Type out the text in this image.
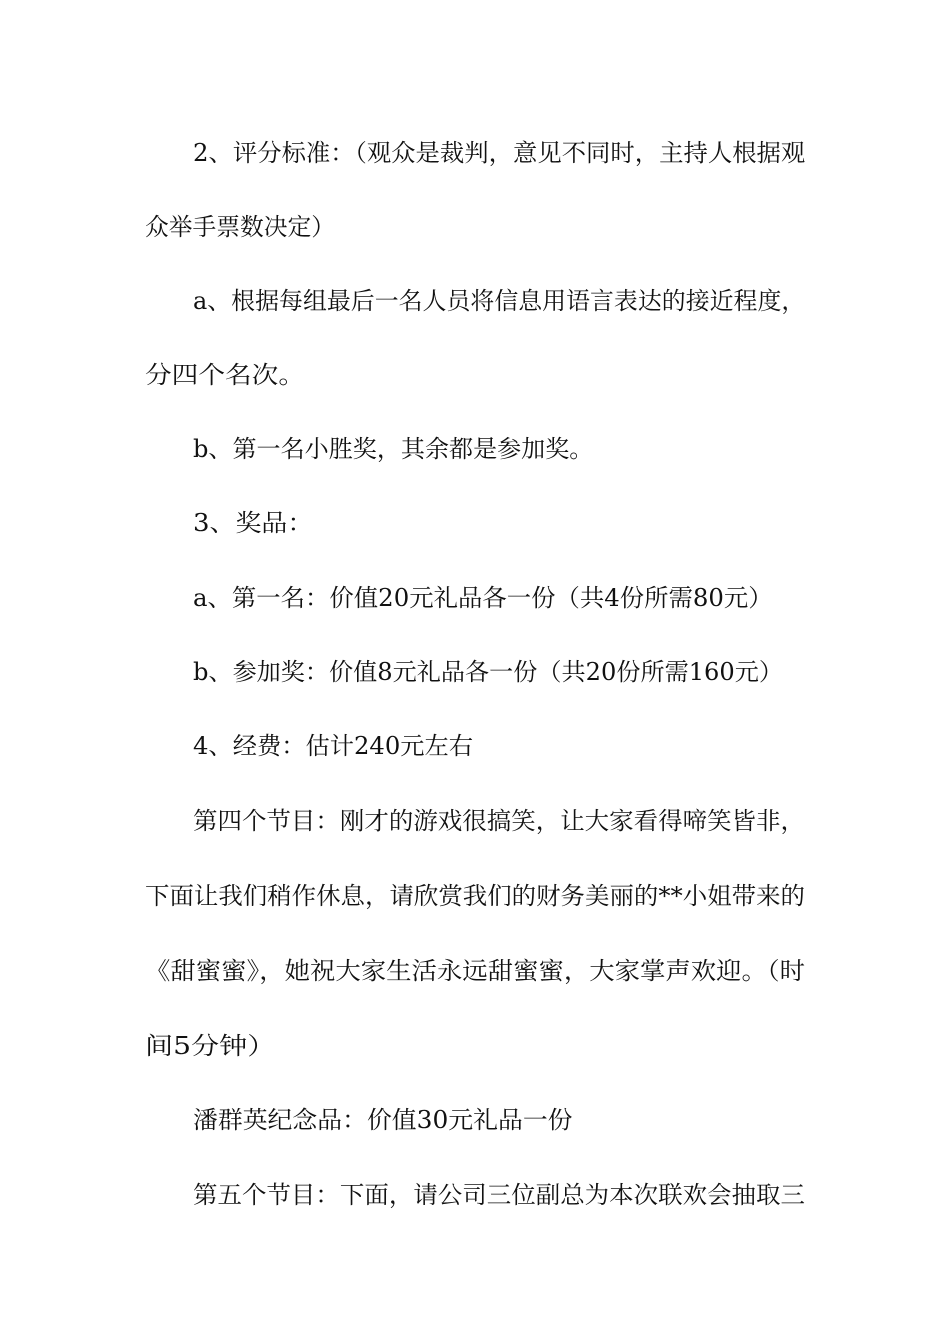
2、评分标准：（观众是裁判，意见不同时，主持人根据观
众举手票数决定）
a、根据每组最后一名人员将信息用语言表达的接近程度，
分四个名次。
b、第一名小胜奖，其余都是参加奖。
3、奖品：
a、第一名：价值20元礼品各一份（共4份所需80元）
b、参加奖：价值8元礼品各一份（共20份所需160元）
4、经费：估计240元左右
第四个节目：刚才的游戏很搞笑，让大家看得啼笑皆非，
下面让我们稍作休息，请欣赏我们的财务美丽的**小姐带来的
《甜蜜蜜》，她祝大家生活永远甜蜜蜜，大家掌声欢迎。（时
间5分钟）
潘群英纪念品：价值30元礼品一份
第五个节目：下面，请公司三位副总为本次联欢会抽取三
